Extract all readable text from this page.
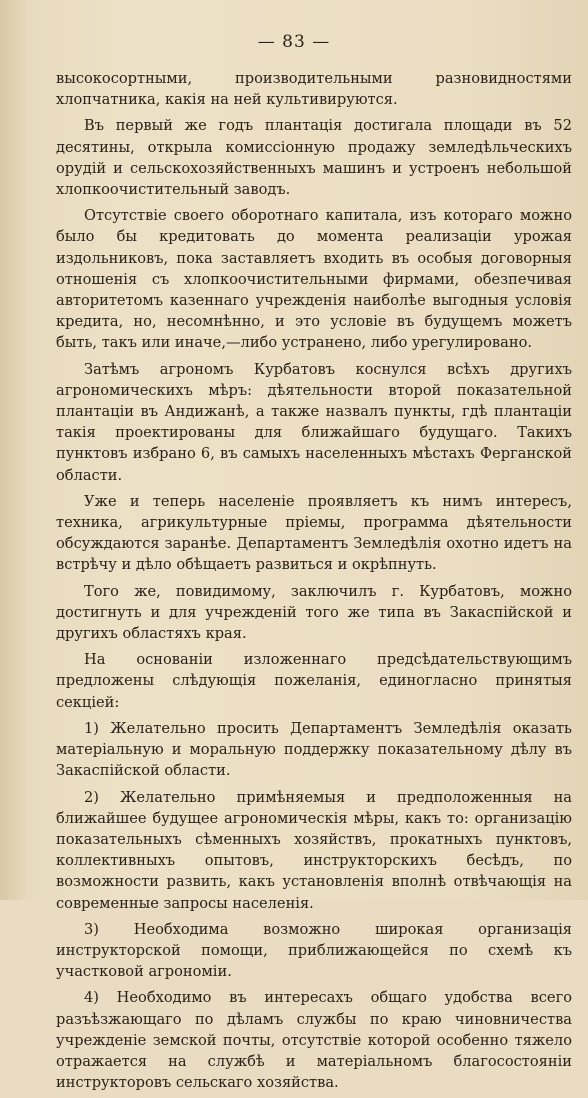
— 83 —

высокосортными, производительными разновидностями хлопчатника, какія на ней культивируются.

Въ первый же годъ плантація достигала площади въ 52 десятины, открыла комиссіонную продажу земледѣльческихъ орудій и сельскохозяйственныхъ машинъ и устроенъ небольшой хлопкоочистительный заводъ.

Отсутствіе своего оборотнаго капитала, изъ котораго можно было бы кредитовать до момента реализаціи урожая издольниковъ, пока заставляетъ входить въ особыя договорныя отношенія съ хлопкоочистительными фирмами, обезпечивая авторитетомъ казеннаго учрежденія наиболѣе выгодныя условія кредита, но, несомнѣнно, и это условіе въ будущемъ можетъ быть, такъ или иначе,—либо устранено, либо урегулировано.

Затѣмъ агрономъ Курбатовъ коснулся всѣхъ другихъ агрономическихъ мѣръ: дѣятельности второй показательной плантаціи въ Андижанѣ, а также назвалъ пункты, гдѣ плантаціи такія проектированы для ближайшаго будущаго. Такихъ пунктовъ избрано 6, въ самыхъ населенныхъ мѣстахъ Ферганской области.

Уже и теперь населеніе проявляетъ къ нимъ интересъ, техника, агрикультурные пріемы, программа дѣятельности обсуждаются заранѣе. Департаментъ Земледѣлія охотно идетъ на встрѣчу и дѣло обѣщаетъ развиться и окрѣпнуть.

Того же, повидимому, заключилъ г. Курбатовъ, можно достигнуть и для учрежденій того же типа въ Закаспійской и другихъ областяхъ края.

На основаніи изложеннаго предсѣдательствующимъ предложены слѣдующія пожеланія, единогласно принятыя секціей:

1) Желательно просить Департаментъ Земледѣлія оказать матеріальную и моральную поддержку показательному дѣлу въ Закаспійской области.

2) Желательно примѣняемыя и предположенныя на ближайшее будущее агрономическія мѣры, какъ то: организацію показательныхъ сѣменныхъ хозяйствъ, прокатныхъ пунктовъ, коллективныхъ опытовъ, инструкторскихъ бесѣдъ, по возможности развить, какъ установленія вполнѣ отвѣчающія на современные запросы населенія.

3) Необходима возможно широкая организація инструкторской помощи, приближающейся по схемѣ къ участковой агрономіи.

4) Необходимо въ интересахъ общаго удобства всего разъѣзжающаго по дѣламъ службы по краю чиновничества учрежденіе земской почты, отсутствіе которой особенно тяжело отражается на службѣ и матеріальномъ благосостояніи инструкторовъ сельскаго хозяйства.
